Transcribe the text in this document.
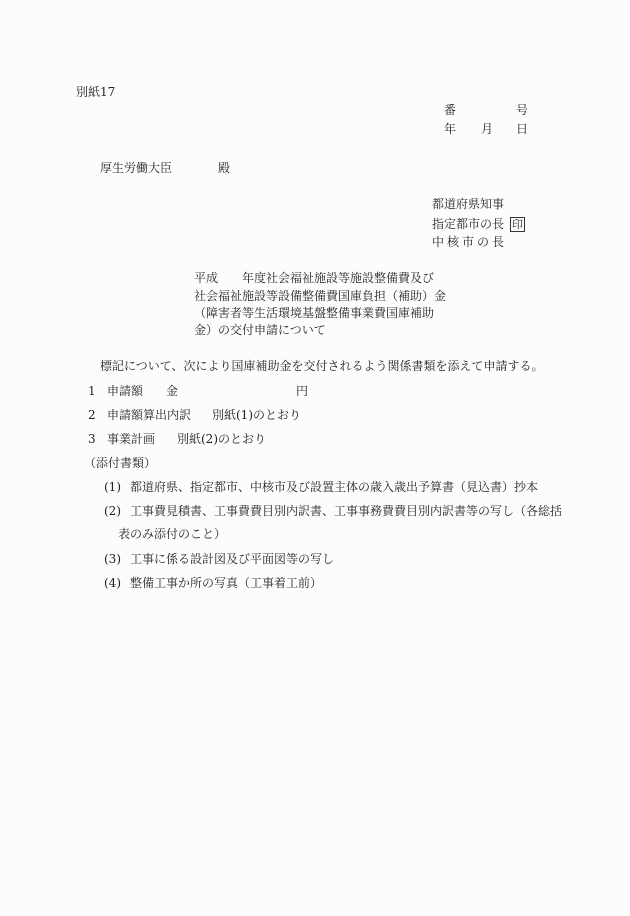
別紙17
番	号
年 月 日
厚生労働大臣	殿
都道府県知事
指定都市の長 印
中核市の長
平成　　年度社会福祉施設等施設整備費及び
社会福祉施設等設備整備費国庫負担（補助）金
（障害者等生活環境基盤整備事業費国庫補助
金）の交付申請について
標記について、次により国庫補助金を交付されるよう関係書類を添えて申請する。
1 申請額 金	円
2 申請額算出内訳 別紙(1)のとおり
3 事業計画 別紙(2)のとおり
（添付書類）
(1) 都道府県、指定都市、中核市及び設置主体の歳入歳出予算書（見込書）抄本
(2) 工事費見積書、工事費費目別内訳書、工事事務費費目別内訳書等の写し（各総括
表のみ添付のこと）
(3) 工事に係る設計図及び平面図等の写し
(4) 整備工事か所の写真（工事着工前）
